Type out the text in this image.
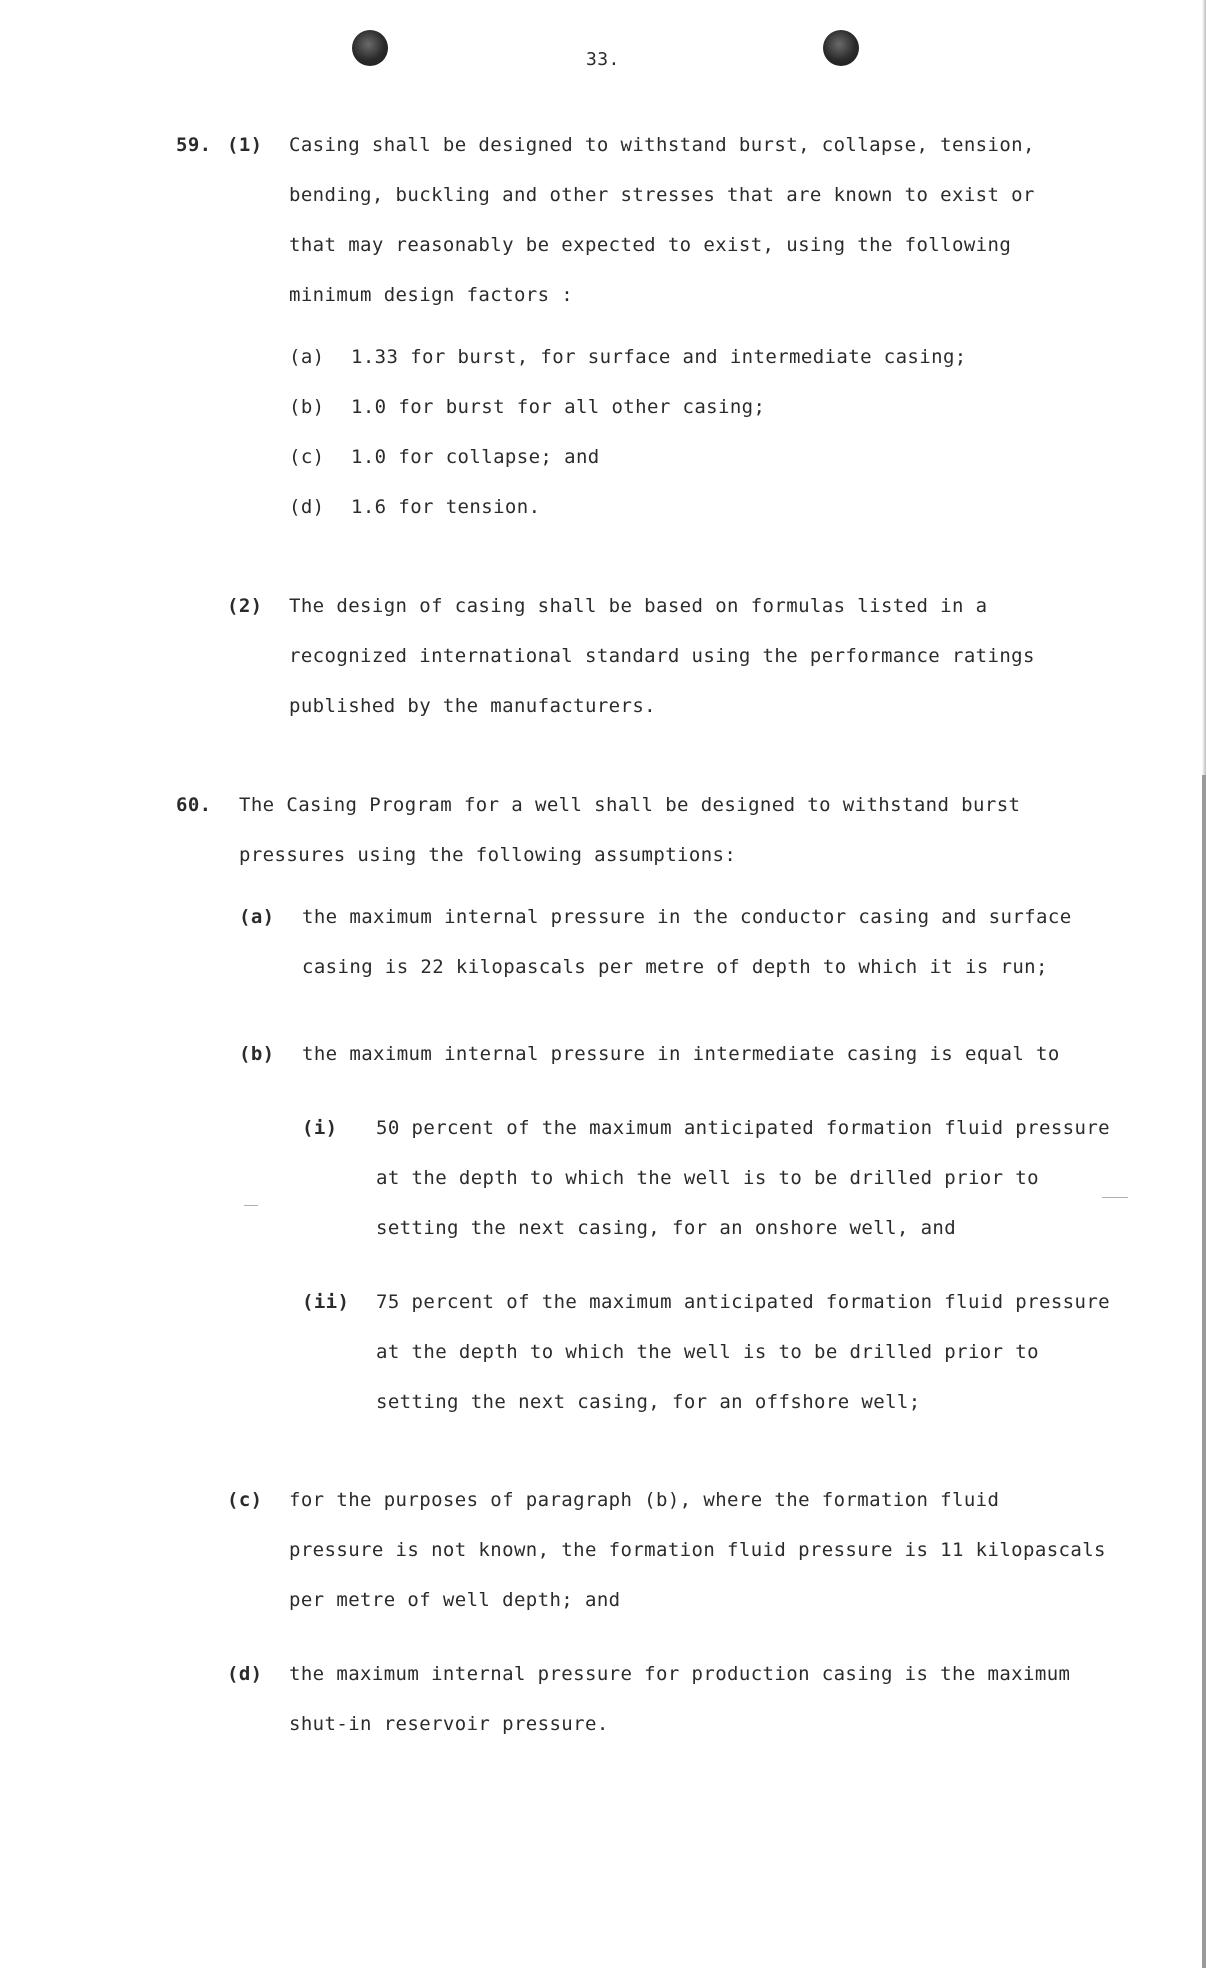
33.
59. (1) Casing shall be designed to withstand burst, collapse, tension,
bending, buckling and other stresses that are known to exist or
that may reasonably be expected to exist, using the following
minimum design factors :
(a) 1.33 for burst, for surface and intermediate casing;
(b) 1.0 for burst for all other casing;
(c) 1.0 for collapse; and
(d) 1.6 for tension.
(2) The design of casing shall be based on formulas listed in a
recognized international standard using the performance ratings
published by the manufacturers.
60. The Casing Program for a well shall be designed to withstand burst
pressures using the following assumptions:
(a) the maximum internal pressure in the conductor casing and surface
casing is 22 kilopascals per metre of depth to which it is run;
(b) the maximum internal pressure in intermediate casing is equal to
(i) 50 percent of the maximum anticipated formation fluid pressure
at the depth to which the well is to be drilled prior to
setting the next casing, for an onshore well, and
(ii) 75 percent of the maximum anticipated formation fluid pressure
at the depth to which the well is to be drilled prior to
setting the next casing, for an offshore well;
(c) for the purposes of paragraph (b), where the formation fluid
pressure is not known, the formation fluid pressure is 11 kilopascals
per metre of well depth; and
(d) the maximum internal pressure for production casing is the maximum
shut-in reservoir pressure.
